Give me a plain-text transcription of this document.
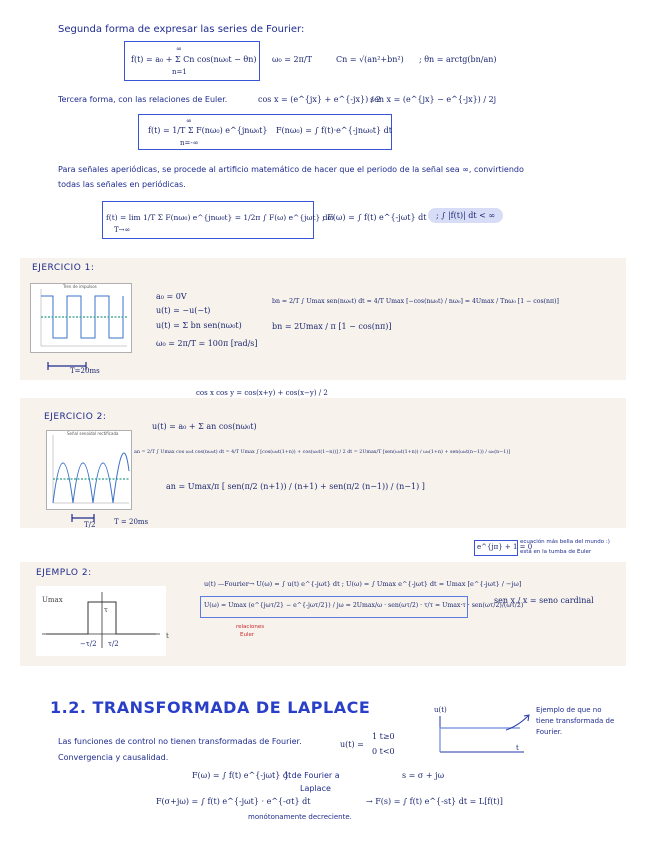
Segunda forma de expresar las series de Fourier:
f(t) = a₀ + Σ Cn cos(nω₀t − θn)
∞
n=1
ω₀ = 2π/T	Cn = √(an²+bn²) ; θn = arctg(bn/an)
Tercera forma, con las relaciones de Euler.	cos x = (e^{jx} + e^{-jx}) / 2
sen x = (e^{jx} − e^{-jx}) / 2j
f(t) = 1/T Σ F(nω₀) e^{jnω₀t}
∞
n=-∞
F(nω₀) = ∫ f(t)·e^{-jnω₀t} dt
Para señales aperiódicas, se procede al artificio matemático de hacer que el periodo de la señal sea ∞, convirtiendo
todas las señales en periódicas.
f(t) = lim 1/T Σ F(nω₀) e^{jnω₀t} = 1/2π ∫ F(ω) e^{jωt} dω
T→∞
; F(ω) = ∫ f(t) e^{-jωt} dt	; ∫ |f(t)| dt < ∞
EJERCICIO 1:
Tren de impulsos
T=20ms
a₀ = 0V
u(t) = −u(−t)
u(t) = Σ bn sen(nω₀t)
ω₀ = 2π/T = 100π [rad/s]
bn = 2/T ∫ Umax sen(nω₀t) dt = 4/T Umax [−cos(nω₀t) / nω₀] = 4Umax / Tnω₀ [1 − cos(nπ)]
bn = 2Umax / π [1 − cos(nπ)]
cos x cos y = cos(x+y) + cos(x−y) / 2
EJERCICIO 2:
Señal senoidal rectificada
T/2	T = 20ms
u(t) = a₀ + Σ an cos(nω₀t)
an = 2/T ∫ Umax cos ω₀t cos(nω₀t) dt = 4/T Umax ∫ [cos(ω₀t(1+n)) + cos(ω₀t(1−n))] / 2 dt = 2Umax/T [sen(ω₀t(1+n)) / ω₀(1+n) + sen(ω₀t(n−1)) / ω₀(n−1)]
an = Umax/π [ sen(π/2 (n+1)) / (n+1) + sen(π/2 (n−1)) / (n−1) ]
e^{jπ} + 1 = 0
ecuación más bella del mundo :)
está en la tumba de Euler
EJEMPLO 2:
Umax
τ
t
−τ/2 τ/2
u(t) —Fourier→ U(ω) = ∫ u(t) e^{-jωt} dt ; U(ω) = ∫ Umax e^{-jωt} dt = Umax [e^{-jωt} / −jω]
U(ω) = Umax (e^{jωτ/2} − e^{-jωτ/2}) / jω = 2Umax/ω · sen(ωτ/2) · τ/τ = Umax·τ · sen(ωτ/2)/(ωτ/2)
relaciones
Euler
sen x / x = seno cardinal
1.2. TRANSFORMADA DE LAPLACE
Las funciones de control no tienen transformadas de Fourier.
Convergencia y causalidad.
u(t) =
1 t≥0
0 t<0
u(t)
t
Ejemplo de que no
tiene transformada de
Fourier.
F(ω) = ∫ f(t) e^{-jωt} dt
} de Fourier a
Laplace
s = σ + jω
F(σ+jω) = ∫ f(t) e^{-jωt} · e^{-σt} dt
monótonamente decreciente.
→ F(s) = ∫ f(t) e^{-st} dt = L[f(t)]
